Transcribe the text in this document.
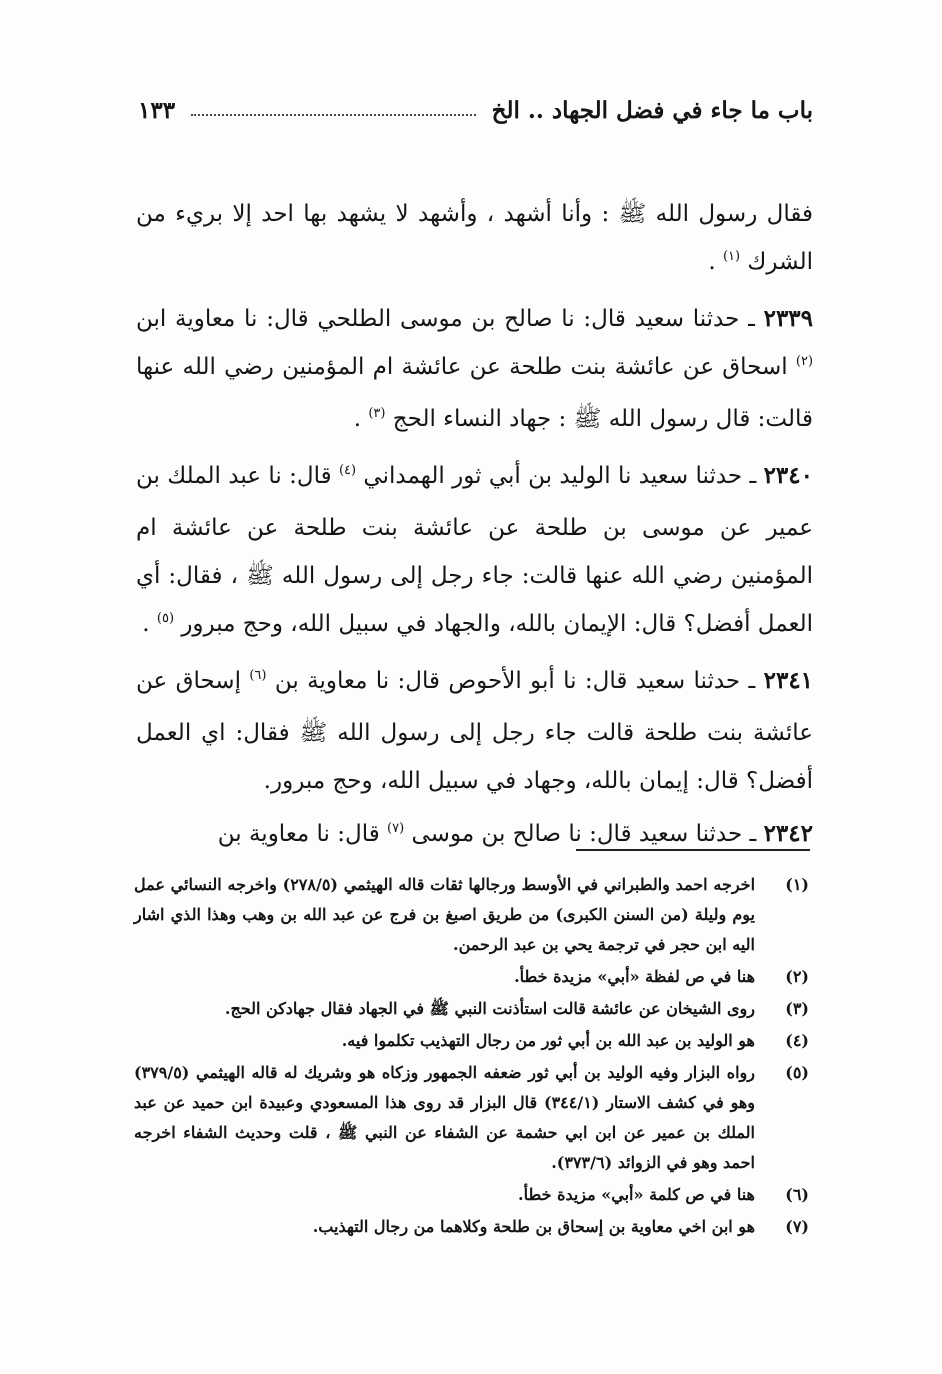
باب ما جاء في فضل الجهاد .. الخ
١٣٣

فقال رسول الله ﷺ : وأنا أشهد ، وأشهد لا يشهد بها احد إلا بريء من الشرك $^{(١)}$ .

٢٣٣٩ ـ حدثنا سعيد قال: نا صالح بن موسى الطلحي قال: نا معاوية ابن $^{(٢)}$ اسحاق عن عائشة بنت طلحة عن عائشة ام المؤمنين رضي الله عنها قالت: قال رسول الله ﷺ : جهاد النساء الحج $^{(٣)}$ .

٢٣٤٠ ـ حدثنا سعيد نا الوليد بن أبي ثور الهمداني $^{(٤)}$ قال: نا عبد الملك بن عمير عن موسى بن طلحة عن عائشة بنت طلحة عن عائشة ام المؤمنين رضي الله عنها قالت: جاء رجل إلى رسول الله ﷺ ، فقال: أي العمل أفضل؟ قال: الإيمان بالله، والجهاد في سبيل الله، وحج مبرور $^{(٥)}$ .

٢٣٤١ ـ حدثنا سعيد قال: نا أبو الأحوص قال: نا معاوية بن $^{(٦)}$ إسحاق عن عائشة بنت طلحة قالت جاء رجل إلى رسول الله ﷺ فقال: اي العمل أفضل؟ قال: إيمان بالله، وجهاد في سبيل الله، وحج مبرور.

٢٣٤٢ ـ حدثنا سعيد قال: نا صالح بن موسى $^{(٧)}$ قال: نا معاوية بن

(١)
اخرجه احمد والطبراني في الأوسط ورجالها ثقات قاله الهيثمي (٢٧٨/٥) واخرجه النسائي عمل يوم وليلة (من السنن الكبرى) من طريق اصبغ بن فرج عن عبد الله بن وهب وهذا الذي اشار اليه ابن حجر في ترجمة يحي بن عبد الرحمن.
(٢)
هنا في ص لفظة «أبي» مزيدة خطأ.
(٣)
روى الشيخان عن عائشة قالت استأذنت النبي ﷺ في الجهاد فقال جهادكن الحج.
(٤)
هو الوليد بن عبد الله بن أبي ثور من رجال التهذيب تكلموا فيه.
(٥)
رواه البزار وفيه الوليد بن أبي ثور ضعفه الجمهور وزكاه هو وشريك له قاله الهيثمي (٣٧٩/٥) وهو في كشف الاستار (٣٤٤/١) قال البزار قد روى هذا المسعودي وعبيدة ابن حميد عن عبد الملك بن عمير عن ابن ابي حشمة عن الشفاء عن النبي ﷺ ، قلت وحديث الشفاء اخرجه احمد وهو في الزوائد (٣٧٣/٦).
(٦)
هنا في ص كلمة «أبي» مزيدة خطأ.
(٧)
هو ابن اخي معاوية بن إسحاق بن طلحة وكلاهما من رجال التهذيب.
